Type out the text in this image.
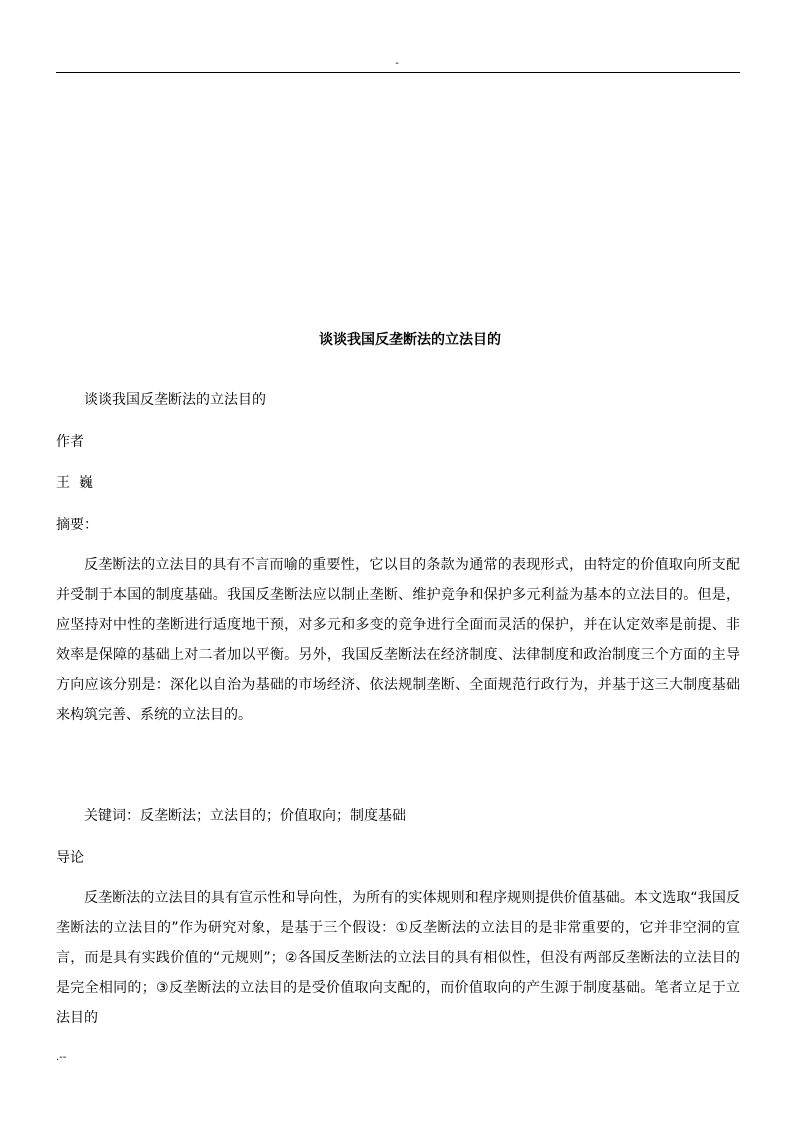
-
谈谈我国反垄断法的立法目的
谈谈我国反垄断法的立法目的
作者
王  巍
摘要：

反垄断法的立法目的具有不言而喻的重要性，它以目的条款为通常的表现形式，由特定的价值取向所支配并受制于本国的制度基础。我国反垄断法应以制止垄断、维护竞争和保护多元利益为基本的立法目的。但是，应坚持对中性的垄断进行适度地干预，对多元和多变的竞争进行全面而灵活的保护，并在认定效率是前提、非效率是保障的基础上对二者加以平衡。另外，我国反垄断法在经济制度、法律制度和政治制度三个方面的主导方向应该分别是：深化以自治为基础的市场经济、依法规制垄断、全面规范行政行为，并基于这三大制度基础来构筑完善、系统的立法目的。

关键词：反垄断法；立法目的；价值取向；制度基础
导论

反垄断法的立法目的具有宣示性和导向性，为所有的实体规则和程序规则提供价值基础。本文选取“我国反垄断法的立法目的”作为研究对象，是基于三个假设：①反垄断法的立法目的是非常重要的，它并非空洞的宣言，而是具有实践价值的“元规则”；②各国反垄断法的立法目的具有相似性，但没有两部反垄断法的立法目的是完全相同的；③反垄断法的立法目的是受价值取向支配的，而价值取向的产生源于制度基础。笔者立足于立法目的

.--
